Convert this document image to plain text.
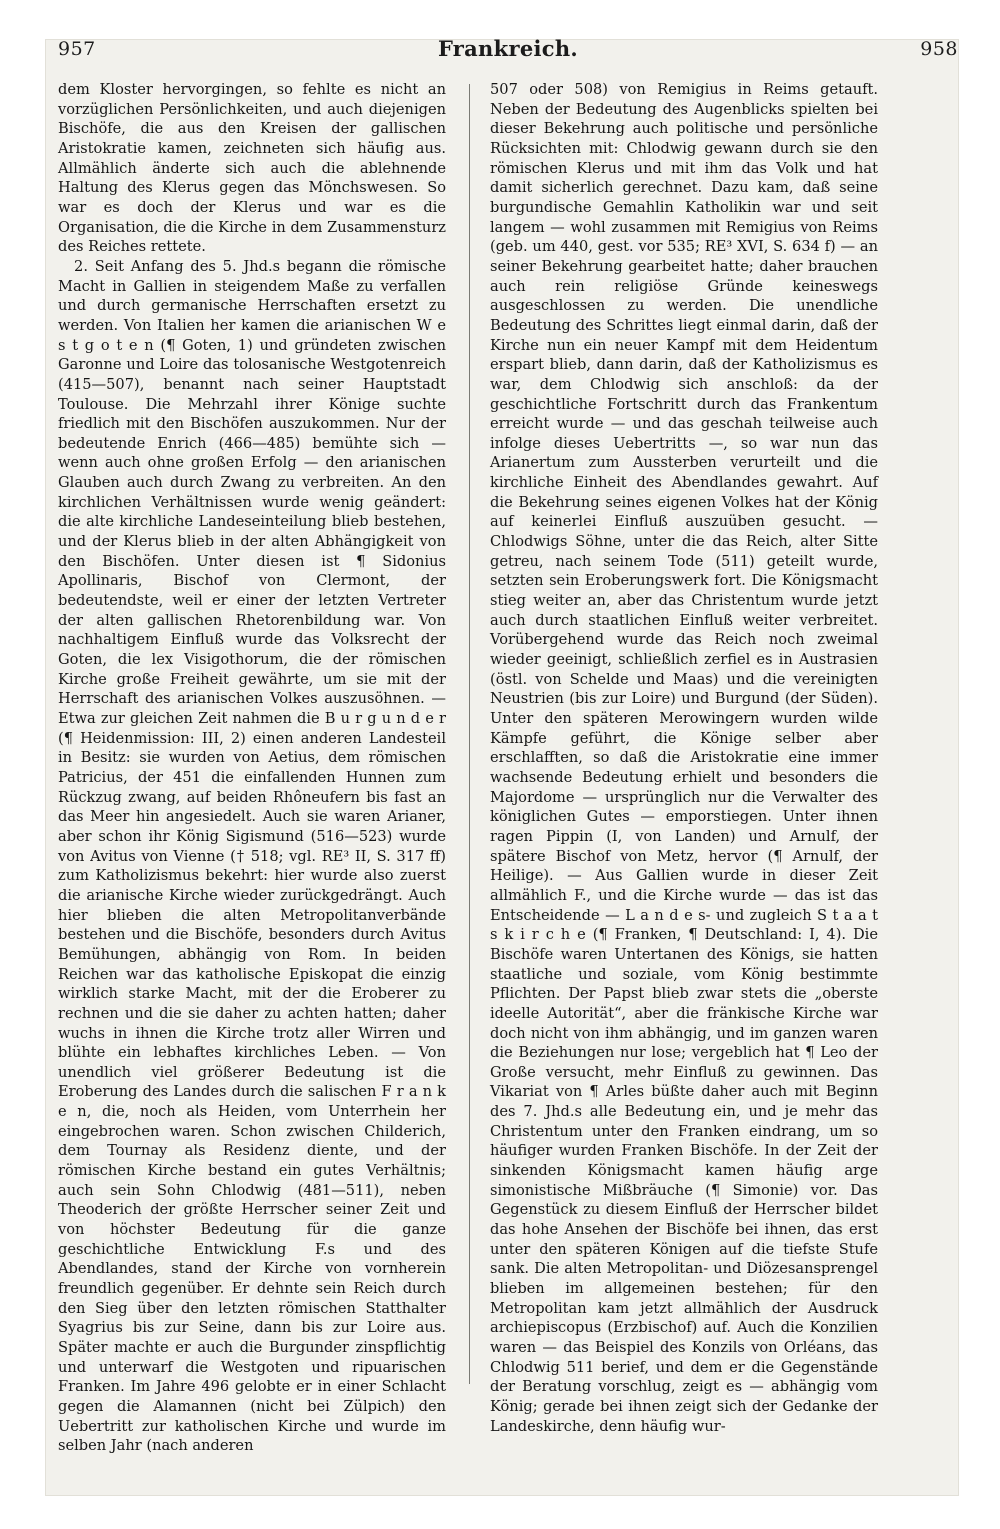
957	Frankreich.	958

dem Kloster hervorgingen, so fehlte es nicht an vorzüglichen Persönlichkeiten, und auch diejenigen Bischöfe, die aus den Kreisen der gallischen Aristokratie kamen, zeichneten sich häufig aus. Allmählich änderte sich auch die ablehnende Haltung des Klerus gegen das Mönchswesen. So war es doch der Klerus und war es die Organisation, die die Kirche in dem Zusammensturz des Reiches rettete.

2. Seit Anfang des 5. Jhd.s begann die römische Macht in Gallien in steigendem Maße zu verfallen und durch germanische Herrschaften ersetzt zu werden. Von Italien her kamen die arianischen W e s t g o t e n (¶ Goten, 1) und gründeten zwischen Garonne und Loire das tolosanische Westgotenreich (415—507), benannt nach seiner Hauptstadt Toulouse. Die Mehrzahl ihrer Könige suchte friedlich mit den Bischöfen auszukommen. Nur der bedeutende Enrich (466—485) bemühte sich — wenn auch ohne großen Erfolg — den arianischen Glauben auch durch Zwang zu verbreiten. An den kirchlichen Verhältnissen wurde wenig geändert: die alte kirchliche Landeseinteilung blieb bestehen, und der Klerus blieb in der alten Abhängigkeit von den Bischöfen. Unter diesen ist ¶ Sidonius Apollinaris, Bischof von Clermont, der bedeutendste, weil er einer der letzten Vertreter der alten gallischen Rhetorenbildung war. Von nachhaltigem Einfluß wurde das Volksrecht der Goten, die lex Visigothorum, die der römischen Kirche große Freiheit gewährte, um sie mit der Herrschaft des arianischen Volkes auszusöhnen. — Etwa zur gleichen Zeit nahmen die B u r g u n d e r (¶ Heidenmission: III, 2) einen anderen Landesteil in Besitz: sie wurden von Aetius, dem römischen Patricius, der 451 die einfallenden Hunnen zum Rückzug zwang, auf beiden Rhôneufern bis fast an das Meer hin angesiedelt. Auch sie waren Arianer, aber schon ihr König Sigismund (516—523) wurde von Avitus von Vienne († 518; vgl. RE³ II, S. 317 ff) zum Katholizismus bekehrt: hier wurde also zuerst die arianische Kirche wieder zurückgedrängt. Auch hier blieben die alten Metropolitanverbände bestehen und die Bischöfe, besonders durch Avitus Bemühungen, abhängig von Rom. In beiden Reichen war das katholische Episkopat die einzig wirklich starke Macht, mit der die Eroberer zu rechnen und die sie daher zu achten hatten; daher wuchs in ihnen die Kirche trotz aller Wirren und blühte ein lebhaftes kirchliches Leben. — Von unendlich viel größerer Bedeutung ist die Eroberung des Landes durch die salischen F r a n k e n, die, noch als Heiden, vom Unterrhein her eingebrochen waren. Schon zwischen Childerich, dem Tournay als Residenz diente, und der römischen Kirche bestand ein gutes Verhältnis; auch sein Sohn Chlodwig (481—511), neben Theoderich der größte Herrscher seiner Zeit und von höchster Bedeutung für die ganze geschichtliche Entwicklung F.s und des Abendlandes, stand der Kirche von vornherein freundlich gegenüber. Er dehnte sein Reich durch den Sieg über den letzten römischen Statthalter Syagrius bis zur Seine, dann bis zur Loire aus. Später machte er auch die Burgunder zinspflichtig und unterwarf die Westgoten und ripuarischen Franken. Im Jahre 496 gelobte er in einer Schlacht gegen die Alamannen (nicht bei Zülpich) den Uebertritt zur katholischen Kirche und wurde im selben Jahr (nach anderen

507 oder 508) von Remigius in Reims getauft. Neben der Bedeutung des Augenblicks spielten bei dieser Bekehrung auch politische und persönliche Rücksichten mit: Chlodwig gewann durch sie den römischen Klerus und mit ihm das Volk und hat damit sicherlich gerechnet. Dazu kam, daß seine burgundische Gemahlin Katholikin war und seit langem — wohl zusammen mit Remigius von Reims (geb. um 440, gest. vor 535; RE³ XVI, S. 634 f) — an seiner Bekehrung gearbeitet hatte; daher brauchen auch rein religiöse Gründe keineswegs ausgeschlossen zu werden. Die unendliche Bedeutung des Schrittes liegt einmal darin, daß der Kirche nun ein neuer Kampf mit dem Heidentum erspart blieb, dann darin, daß der Katholizismus es war, dem Chlodwig sich anschloß: da der geschichtliche Fortschritt durch das Frankentum erreicht wurde — und das geschah teilweise auch infolge dieses Uebertritts —, so war nun das Arianertum zum Aussterben verurteilt und die kirchliche Einheit des Abendlandes gewahrt. Auf die Bekehrung seines eigenen Volkes hat der König auf keinerlei Einfluß auszuüben gesucht. — Chlodwigs Söhne, unter die das Reich, alter Sitte getreu, nach seinem Tode (511) geteilt wurde, setzten sein Eroberungswerk fort. Die Königsmacht stieg weiter an, aber das Christentum wurde jetzt auch durch staatlichen Einfluß weiter verbreitet. Vorübergehend wurde das Reich noch zweimal wieder geeinigt, schließlich zerfiel es in Austrasien (östl. von Schelde und Maas) und die vereinigten Neustrien (bis zur Loire) und Burgund (der Süden). Unter den späteren Merowingern wurden wilde Kämpfe geführt, die Könige selber aber erschlafften, so daß die Aristokratie eine immer wachsende Bedeutung erhielt und besonders die Majordome — ursprünglich nur die Verwalter des königlichen Gutes — emporstiegen. Unter ihnen ragen Pippin (I, von Landen) und Arnulf, der spätere Bischof von Metz, hervor (¶ Arnulf, der Heilige). — Aus Gallien wurde in dieser Zeit allmählich F., und die Kirche wurde — das ist das Entscheidende — L a n d e s- und zugleich S t a a t s k i r c h e (¶ Franken, ¶ Deutschland: I, 4). Die Bischöfe waren Untertanen des Königs, sie hatten staatliche und soziale, vom König bestimmte Pflichten. Der Papst blieb zwar stets die „oberste ideelle Autorität“, aber die fränkische Kirche war doch nicht von ihm abhängig, und im ganzen waren die Beziehungen nur lose; vergeblich hat ¶ Leo der Große versucht, mehr Einfluß zu gewinnen. Das Vikariat von ¶ Arles büßte daher auch mit Beginn des 7. Jhd.s alle Bedeutung ein, und je mehr das Christentum unter den Franken eindrang, um so häufiger wurden Franken Bischöfe. In der Zeit der sinkenden Königsmacht kamen häufig arge simonistische Mißbräuche (¶ Simonie) vor. Das Gegenstück zu diesem Einfluß der Herrscher bildet das hohe Ansehen der Bischöfe bei ihnen, das erst unter den späteren Königen auf die tiefste Stufe sank. Die alten Metropolitan- und Diözesansprengel blieben im allgemeinen bestehen; für den Metropolitan kam jetzt allmählich der Ausdruck archiepiscopus (Erzbischof) auf. Auch die Konzilien waren — das Beispiel des Konzils von Orléans, das Chlodwig 511 berief, und dem er die Gegenstände der Beratung vorschlug, zeigt es — abhängig vom König; gerade bei ihnen zeigt sich der Gedanke der Landeskirche, denn häufig wur-
